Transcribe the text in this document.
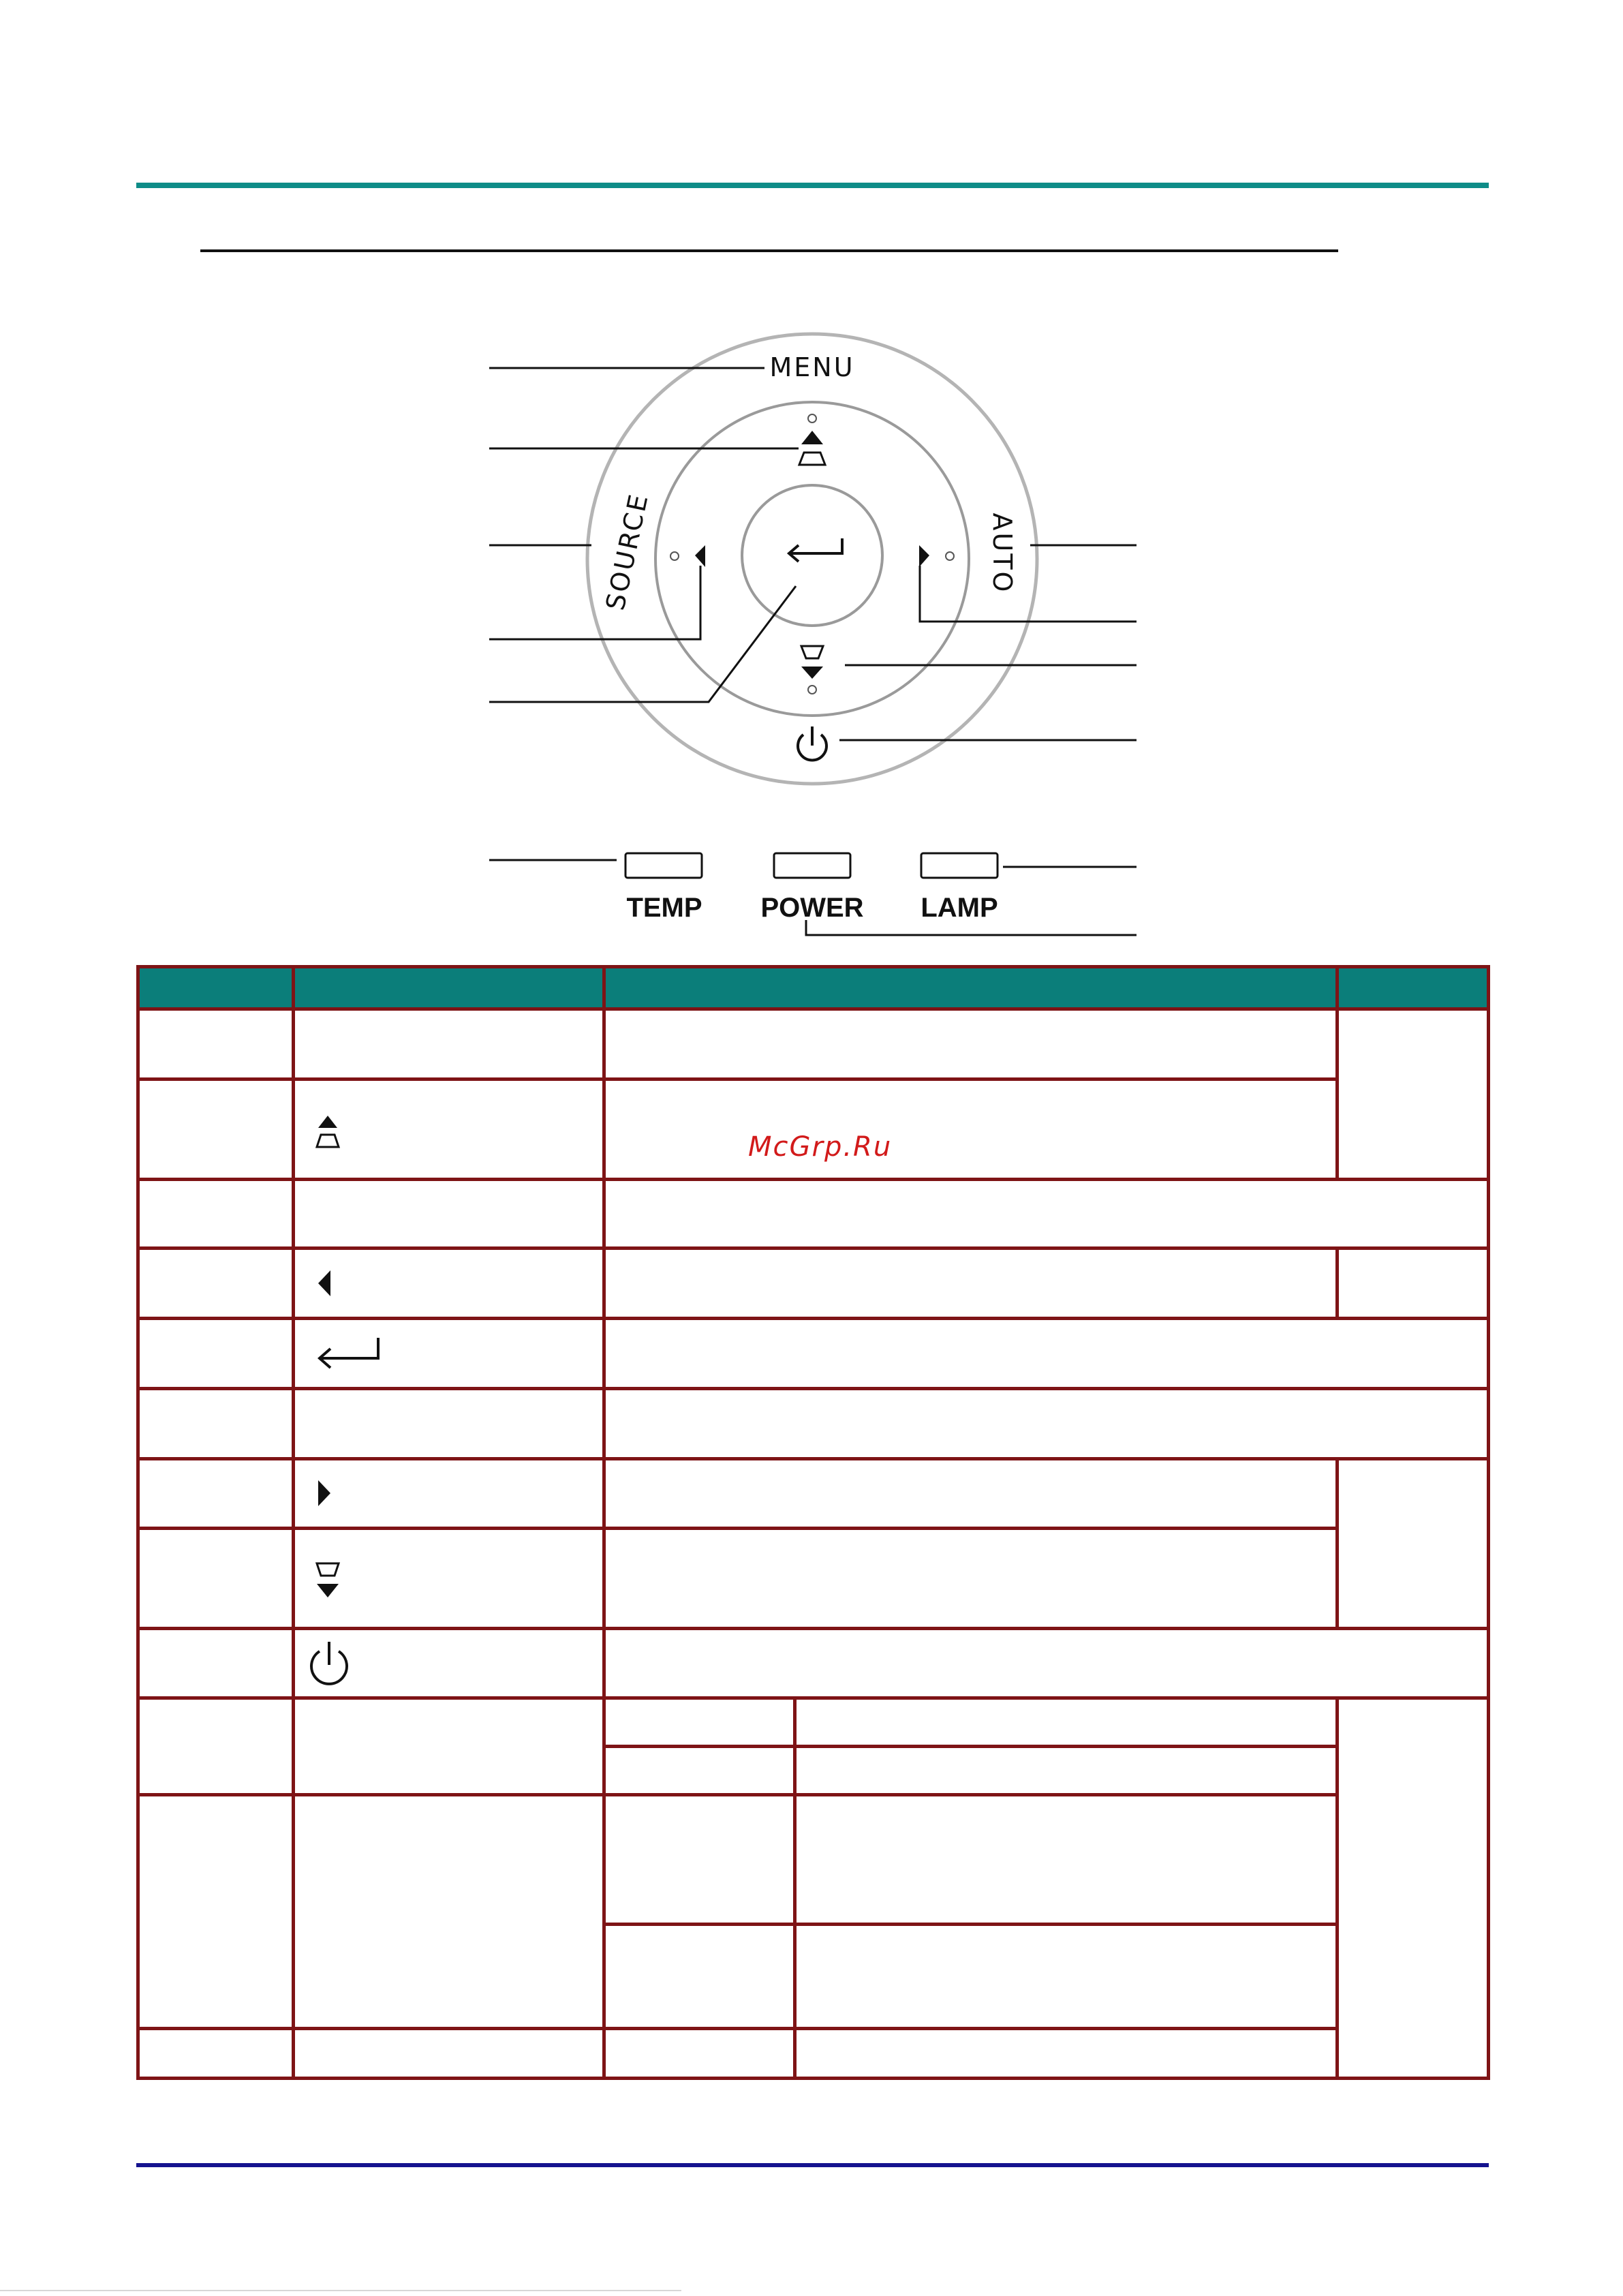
MENU
SOURCE	AUTO
TEMP POWER LAMP

McGrp.Ru
